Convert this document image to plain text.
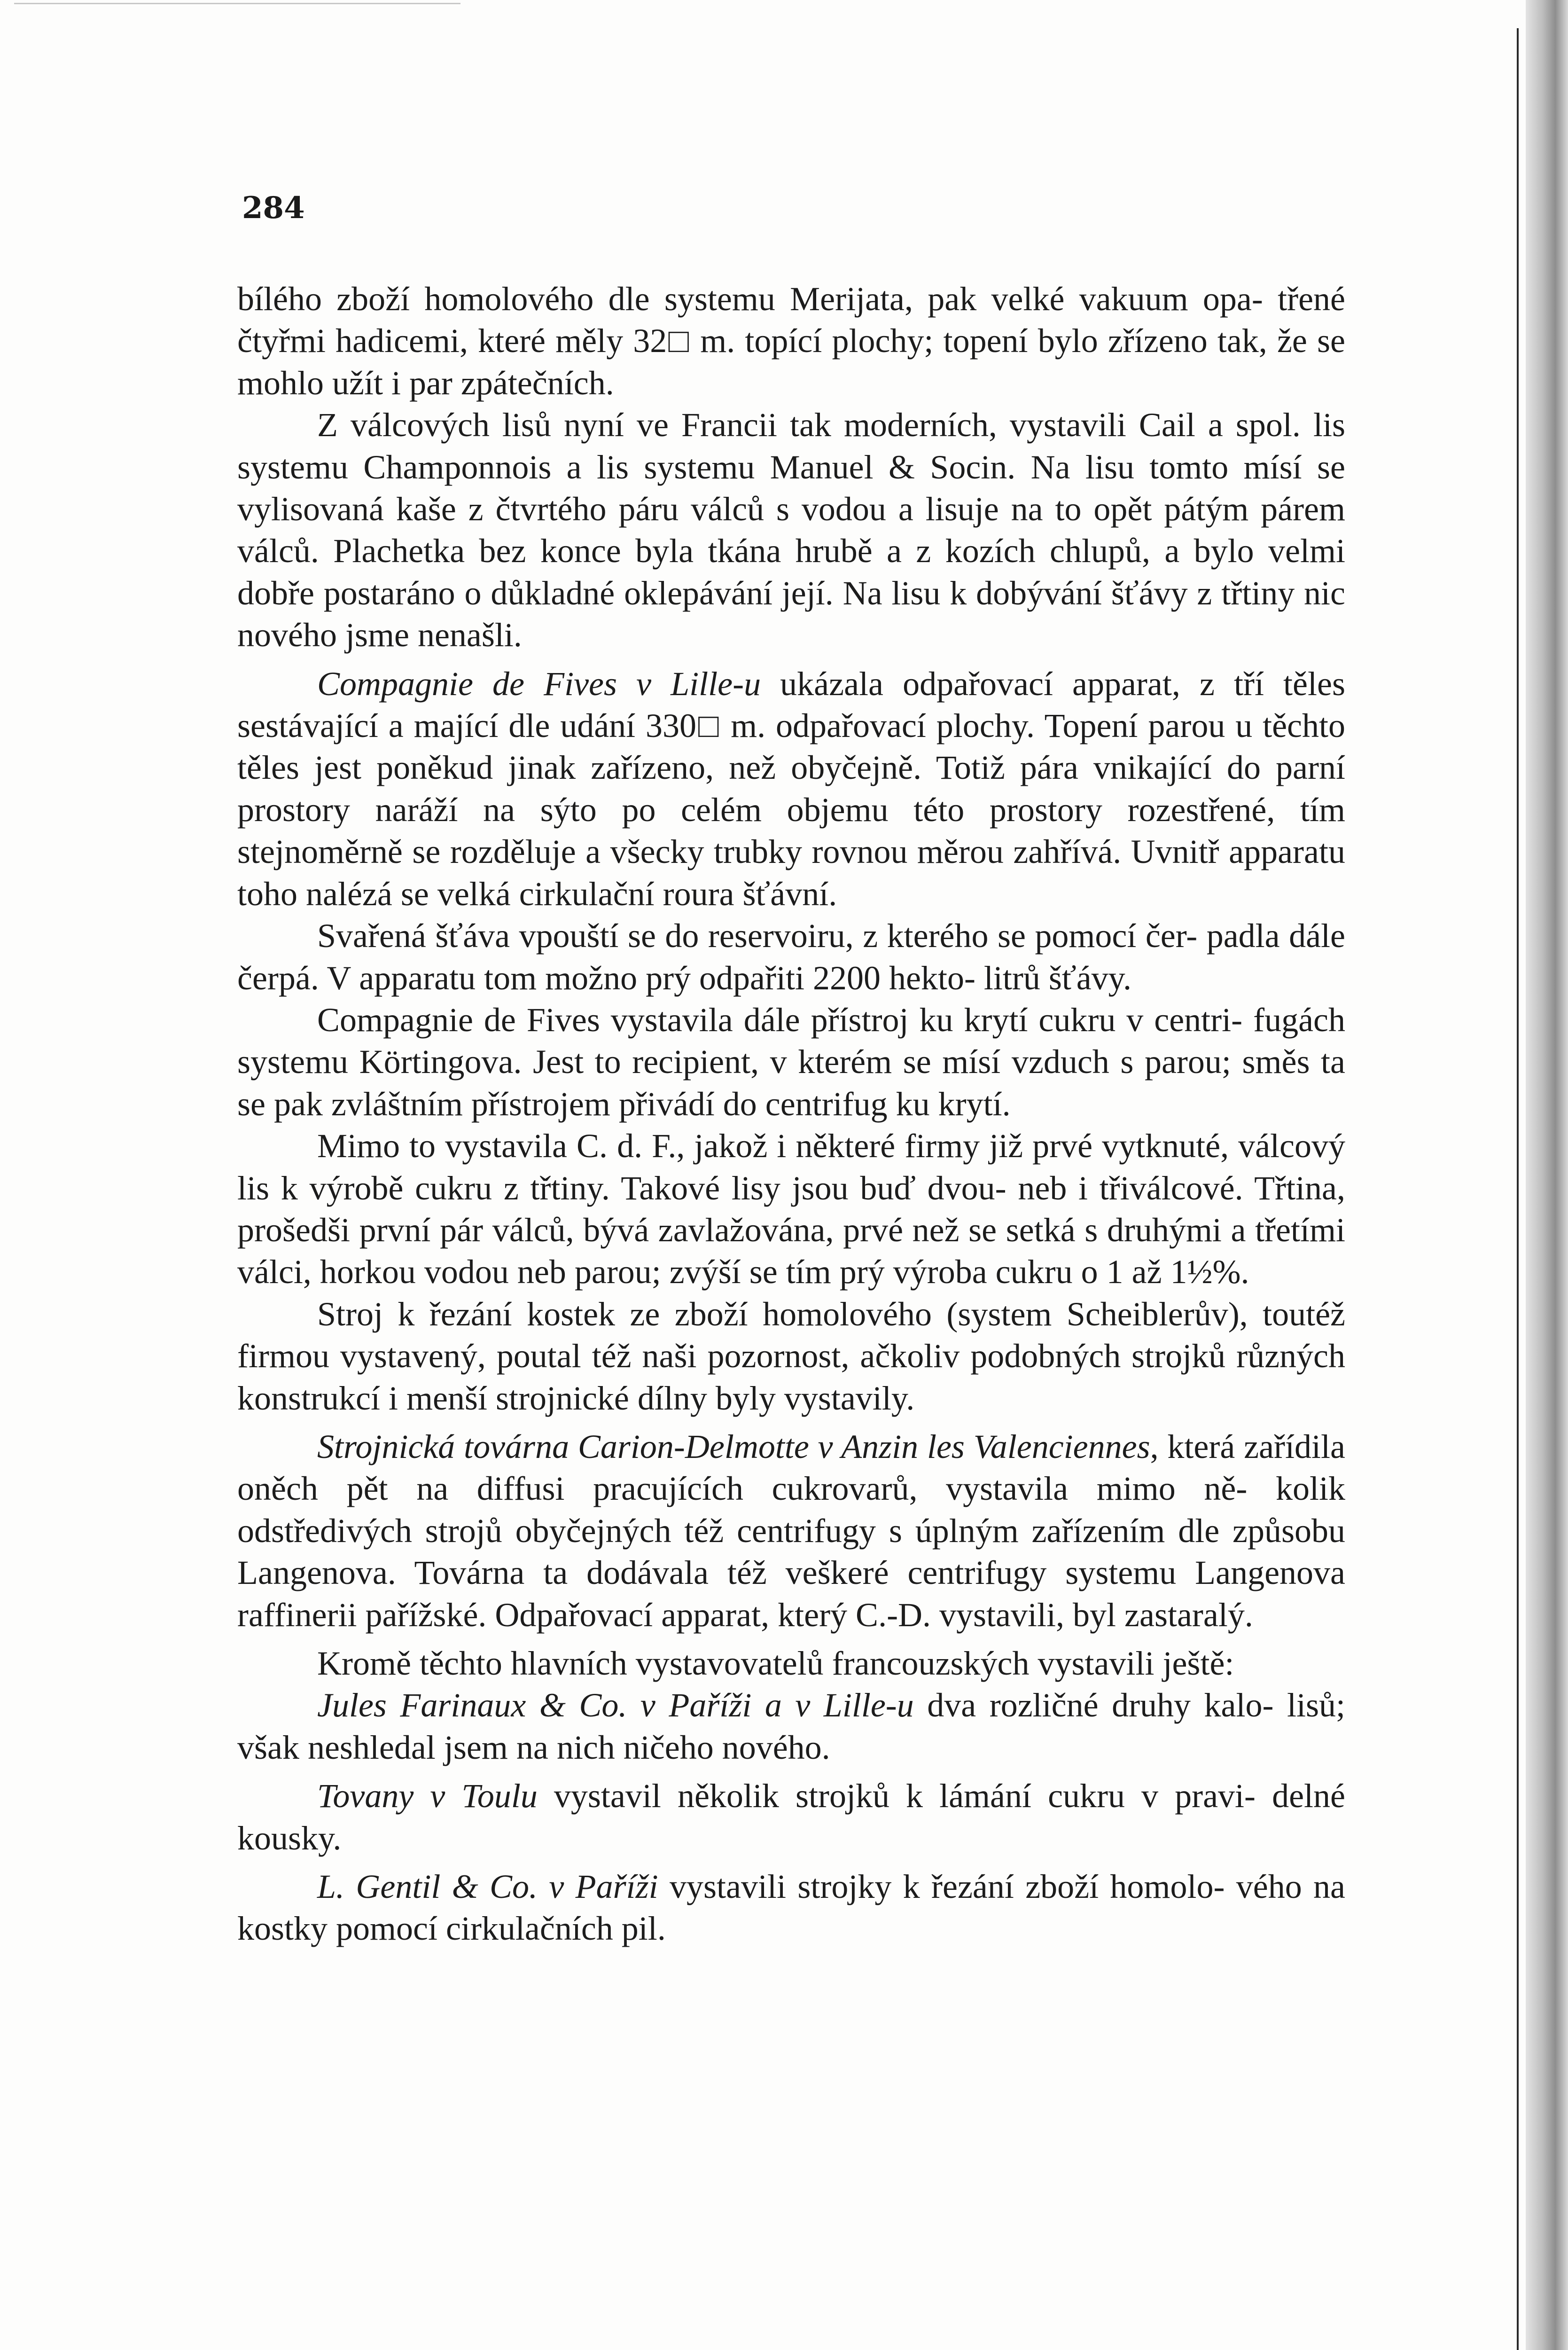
284

bílého zboží homolového dle systemu Merijata, pak velké vakuum opa- třené čtyřmi hadicemi, které měly 32□ m. topící plochy; topení bylo zřízeno tak, že se mohlo užít i par zpátečních.

Z válcových lisů nyní ve Francii tak moderních, vystavili Cail a spol. lis systemu Champonnois a lis systemu Manuel & Socin. Na lisu tomto mísí se vylisovaná kaše z čtvrtého páru válců s vodou a lisuje na to opět pátým párem válců. Plachetka bez konce byla tkána hrubě a z kozích chlupů, a bylo velmi dobře postaráno o důkladné oklepávání její. Na lisu k dobývání šťávy z třtiny nic nového jsme nenašli.

Compagnie de Fives v Lille-u ukázala odpařovací apparat, z tří těles sestávající a mající dle udání 330□ m. odpařovací plochy. Topení parou u těchto těles jest poněkud jinak zařízeno, než obyčejně. Totiž pára vnikající do parní prostory naráží na sýto po celém objemu této prostory rozestřené, tím stejnoměrně se rozděluje a všecky trubky rovnou měrou zahřívá. Uvnitř apparatu toho nalézá se velká cirkulační roura šťávní.

Svařená šťáva vpouští se do reservoiru, z kterého se pomocí čer- padla dále čerpá. V apparatu tom možno prý odpařiti 2200 hekto- litrů šťávy.

Compagnie de Fives vystavila dále přístroj ku krytí cukru v centri- fugách systemu Körtingova. Jest to recipient, v kterém se mísí vzduch s parou; směs ta se pak zvláštním přístrojem přivádí do centrifug ku krytí.

Mimo to vystavila C. d. F., jakož i některé firmy již prvé vytknuté, válcový lis k výrobě cukru z třtiny. Takové lisy jsou buď dvou- neb i třiválcové. Třtina, prošedši první pár válců, bývá zavlažována, prvé než se setká s druhými a třetími válci, horkou vodou neb parou; zvýší se tím prý výroba cukru o 1 až 1½%.

Stroj k řezání kostek ze zboží homolového (system Scheiblerův), toutéž firmou vystavený, poutal též naši pozornost, ačkoliv podobných strojků různých konstrukcí i menší strojnické dílny byly vystavily.

Strojnická továrna Carion-Delmotte v Anzin les Valenciennes, která zařídila oněch pět na diffusi pracujících cukrovarů, vystavila mimo ně- kolik odstředivých strojů obyčejných též centrifugy s úplným zařízením dle způsobu Langenova. Továrna ta dodávala též veškeré centrifugy systemu Langenova raffinerii pařížské. Odpařovací apparat, který C.-D. vystavili, byl zastaralý.

Kromě těchto hlavních vystavovatelů francouzských vystavili ještě:

Jules Farinaux & Co. v Paříži a v Lille-u dva rozličné druhy kalo- lisů; však neshledal jsem na nich ničeho nového.

Tovany v Toulu vystavil několik strojků k lámání cukru v pravi- delné kousky.

L. Gentil & Co. v Paříži vystavili strojky k řezání zboží homolo- vého na kostky pomocí cirkulačních pil.
